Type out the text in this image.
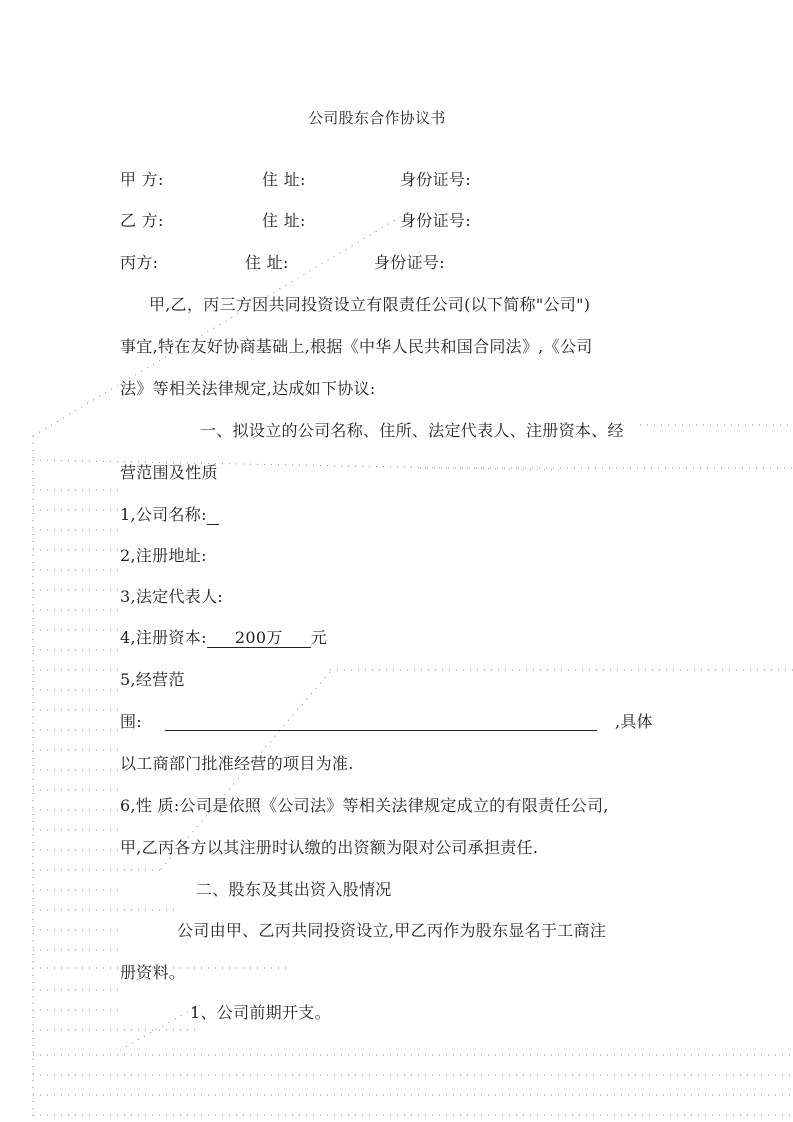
公司股东合作协议书
甲 方:	住 址:	身份证号:
乙 方:	住 址:	身份证号:
丙方:	住 址:	身份证号:
甲,乙，丙三方因共同投资设立有限责任公司(以下简称"公司")
事宜,特在友好协商基础上,根据《中华人民共和国合同法》,《公司
法》等相关法律规定,达成如下协议:
一、拟设立的公司名称、住所、法定代表人、注册资本、经
营范围及性质
1,公司名称:
2,注册地址:
3,法定代表人:
4,注册资本: 200万 元
5,经营范
围:	,具体
以工商部门批准经营的项目为准.
6,性 质:公司是依照《公司法》等相关法律规定成立的有限责任公司,
甲,乙丙各方以其注册时认缴的出资额为限对公司承担责任.
二、股东及其出资入股情况
公司由甲、乙丙共同投资设立,甲乙丙作为股东显名于工商注
册资料。
1、公司前期开支。
